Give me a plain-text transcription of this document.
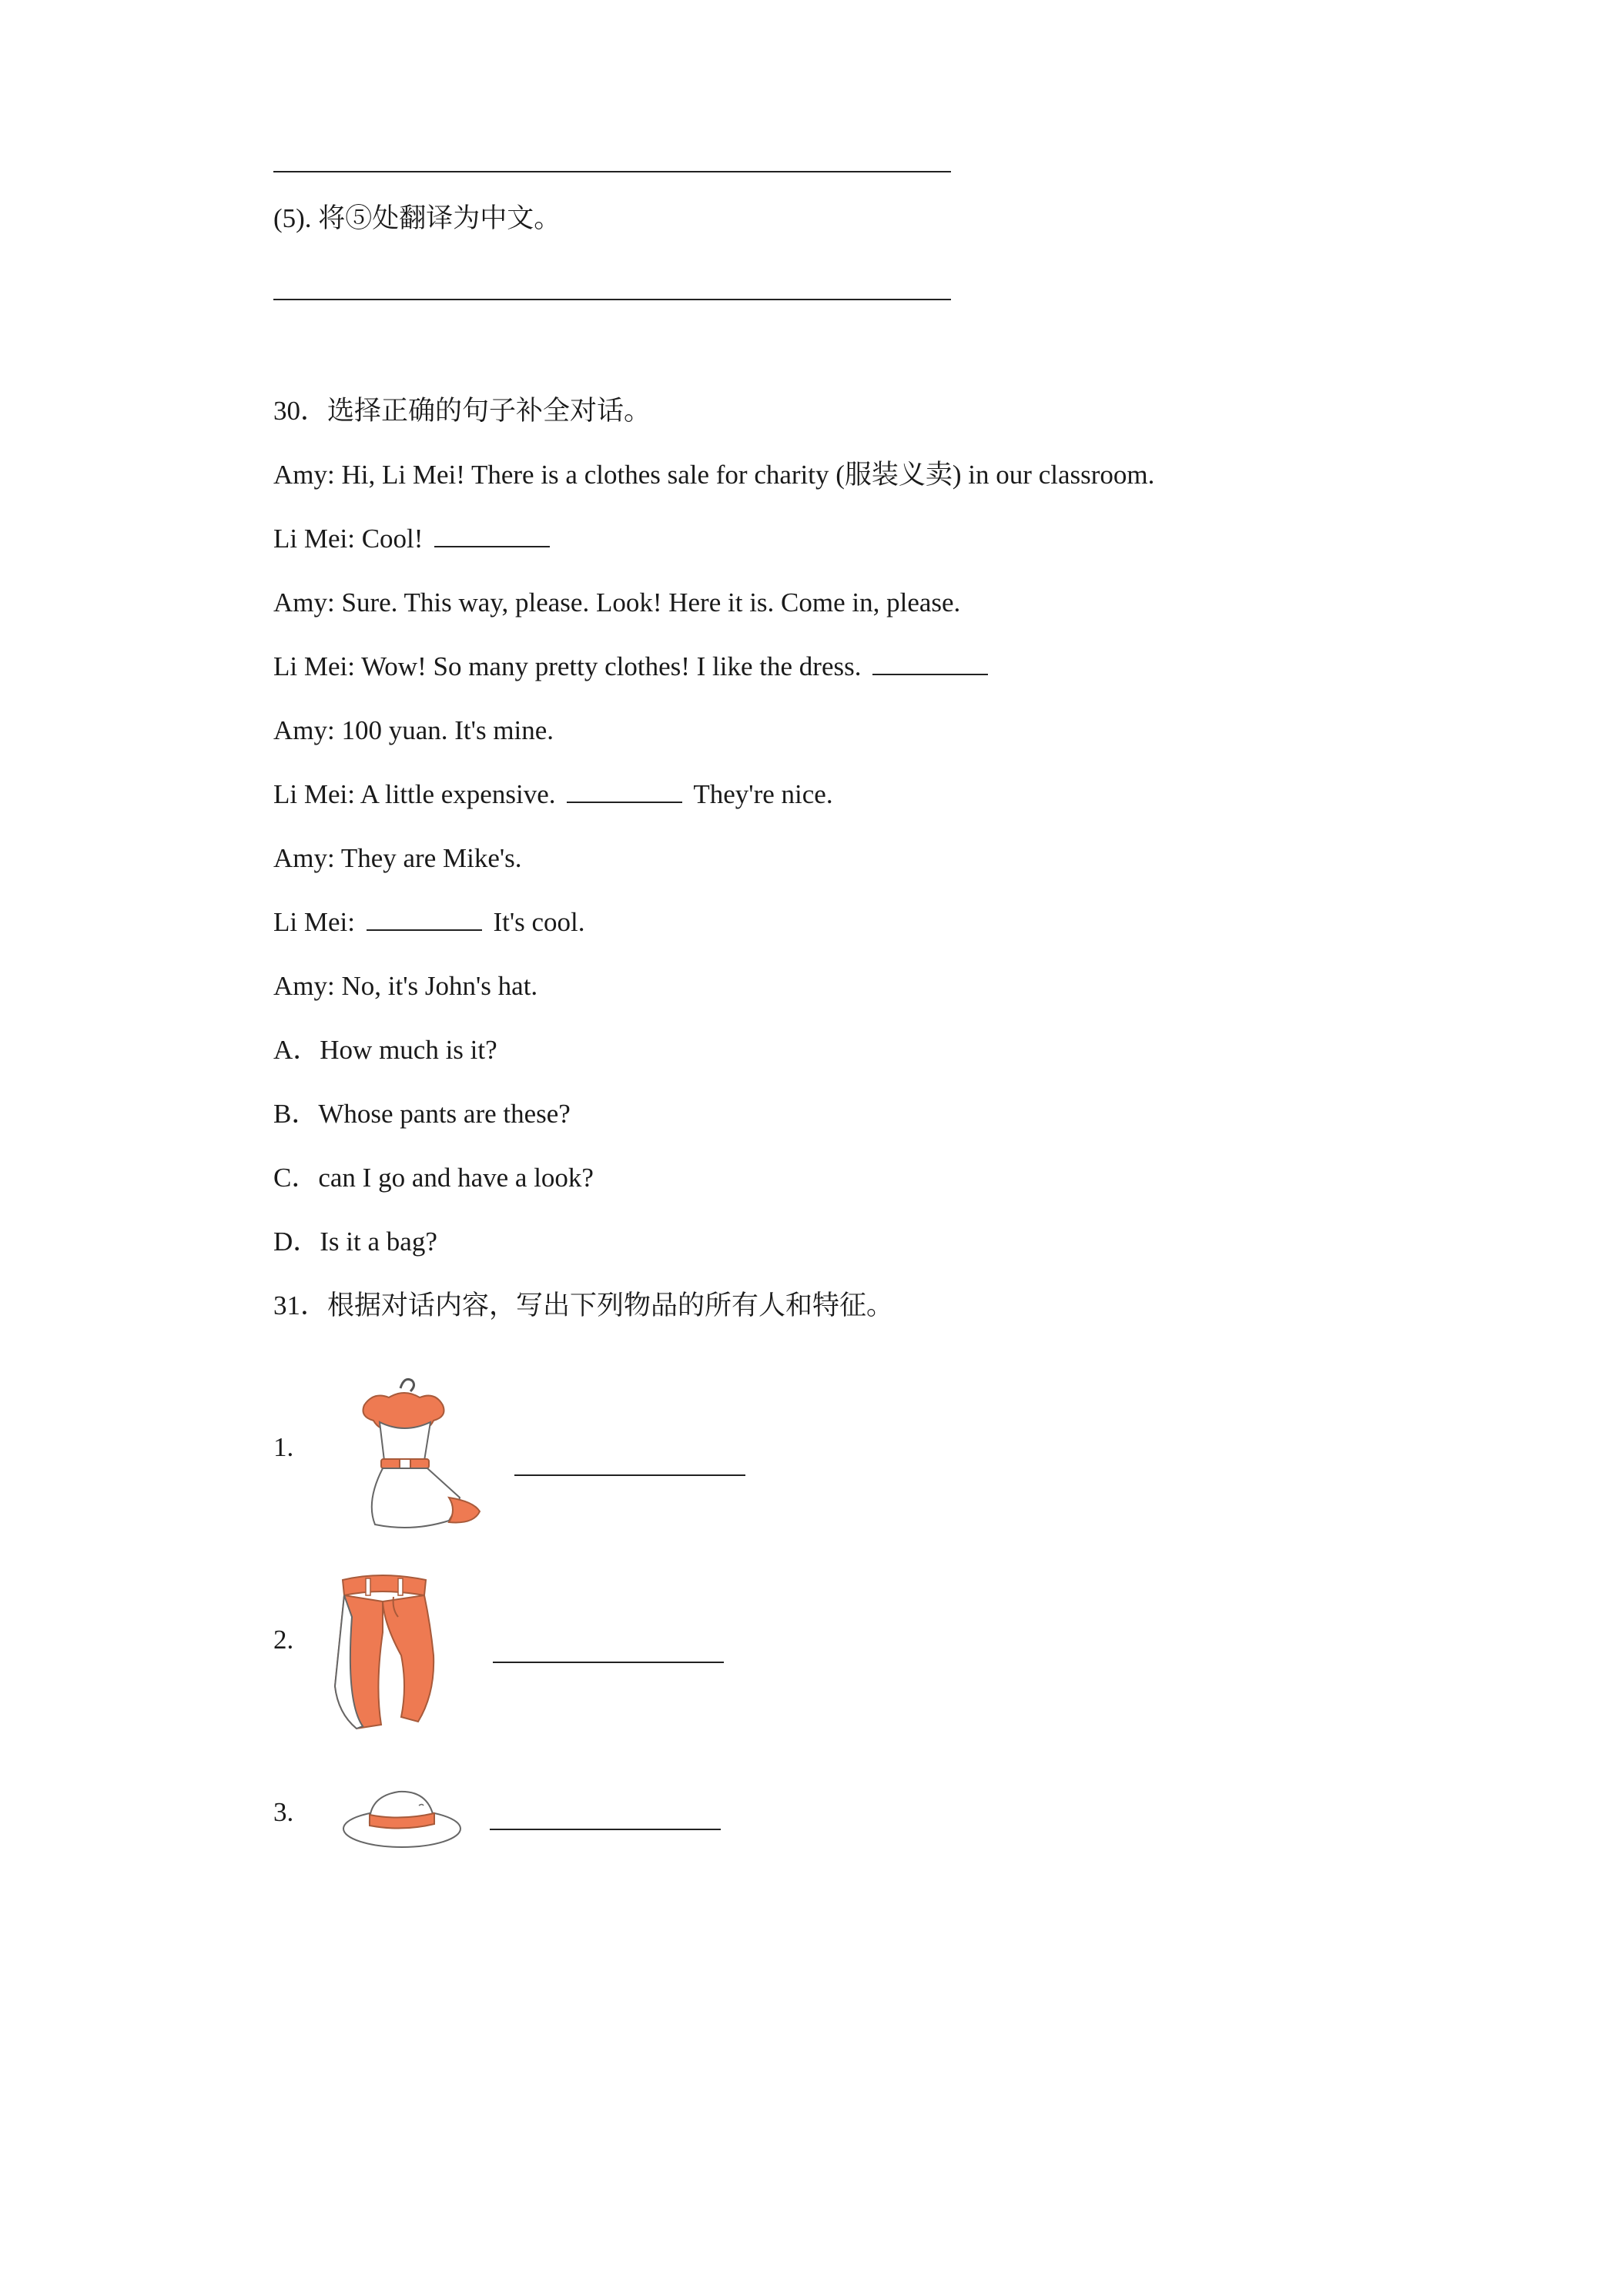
(5). 将⑤处翻译为中文。
30．选择正确的句子补全对话。
Amy: Hi, Li Mei! There is a clothes sale for charity (服装义卖) in our classroom.
Li Mei: Cool!
Amy: Sure. This way, please. Look! Here it is. Come in, please.
Li Mei: Wow! So many pretty clothes! I like the dress.
Amy: 100 yuan. It's mine.
Li Mei: A little expensive.	They're nice.
Amy: They are Mike's.
Li Mei:	It's cool.
Amy: No, it's John's hat.
A．How much is it?
B．Whose pants are these?
C．can I go and have a look?
D．Is it a bag?
31．根据对话内容，写出下列物品的所有人和特征。
1.
2.
3.
